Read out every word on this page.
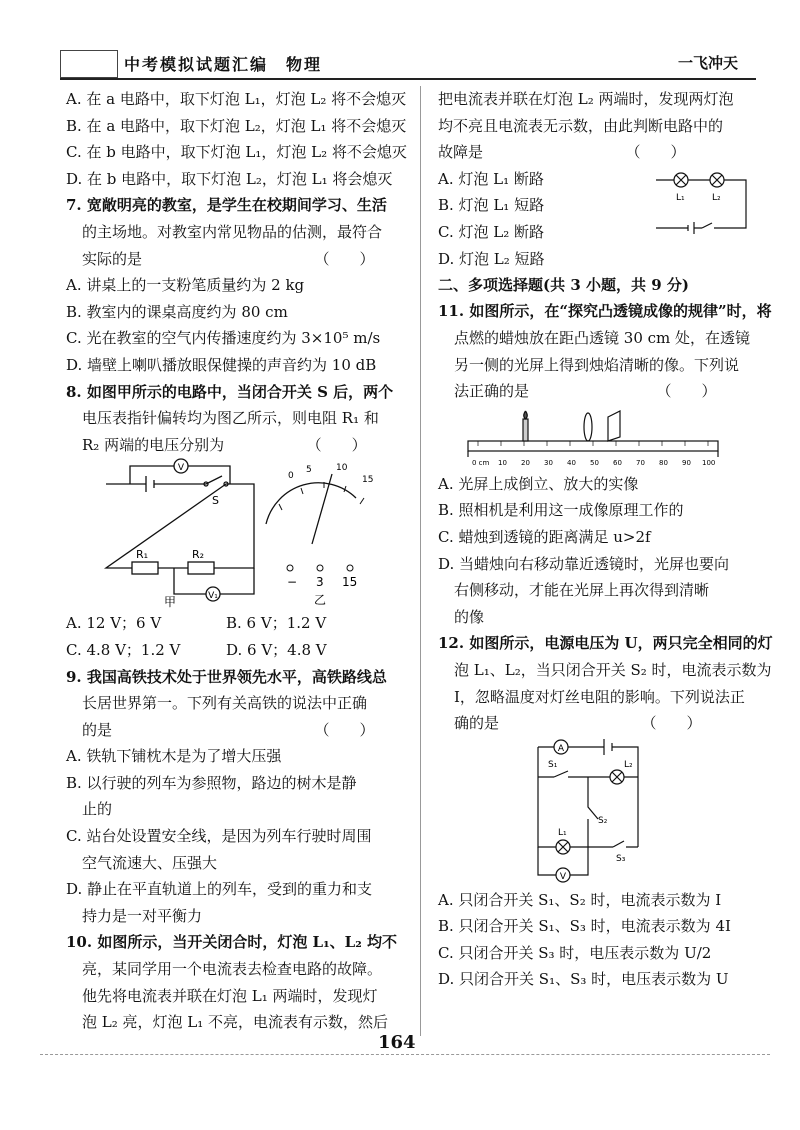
中考模拟试题汇编　物理	一飞冲天
A. 在 a 电路中，取下灯泡 L₁，灯泡 L₂ 将不会熄灭
B. 在 a 电路中，取下灯泡 L₂，灯泡 L₁ 将不会熄灭
C. 在 b 电路中，取下灯泡 L₁，灯泡 L₂ 将不会熄灭
D. 在 b 电路中，取下灯泡 L₂，灯泡 L₁ 将会熄灭
7. 宽敞明亮的教室，是学生在校期间学习、生活
的主场地。对教室内常见物品的估测，最符合
实际的是　　　　　　　　　　　　（　　）
A. 讲桌上的一支粉笔质量约为 2 kg
B. 教室内的课桌高度约为 80 cm
C. 光在教室的空气内传播速度约为 3×10⁵ m/s
D. 墙壁上喇叭播放眼保健操的声音约为 10 dB
8. 如图甲所示的电路中，当闭合开关 S 后，两个
电压表指针偏转均为图乙所示，则电阻 R₁ 和
R₂ 两端的电压分别为　　　　　　（　　）
V
V₁
S
R₁	R₂
甲
0
5	10
15
− 3 15
乙
A. 12 V；6 V	B. 6 V；1.2 V
C. 4.8 V；1.2 V	D. 6 V；4.8 V
9. 我国高铁技术处于世界领先水平，高铁路线总
长居世界第一。下列有关高铁的说法中正确
的是　　　　　　　　　　　　　　（　　）
A. 铁轨下铺枕木是为了增大压强
B. 以行驶的列车为参照物，路边的树木是静
止的
C. 站台处设置安全线，是因为列车行驶时周围
空气流速大、压强大
D. 静止在平直轨道上的列车，受到的重力和支
持力是一对平衡力
10. 如图所示，当开关闭合时，灯泡 L₁、L₂ 均不
亮，某同学用一个电流表去检查电路的故障。
他先将电流表并联在灯泡 L₁ 两端时，发现灯
泡 L₂ 亮，灯泡 L₁ 不亮，电流表有示数，然后
把电流表并联在灯泡 L₂ 两端时，发现两灯泡
均不亮且电流表无示数，由此判断电路中的
故障是　　　　　　　　　　（　　）
A. 灯泡 L₁ 断路
B. 灯泡 L₁ 短路
C. 灯泡 L₂ 断路
D. 灯泡 L₂ 短路
L₁	L₂
二、多项选择题(共 3 小题，共 9 分)
11. 如图所示，在“探究凸透镜成像的规律”时，将
点燃的蜡烛放在距凸透镜 30 cm 处，在透镜
另一侧的光屏上得到烛焰清晰的像。下列说
法正确的是　　　　　　　　　（　　）
0 cm 10 20 30 40 50 60 70 80 90 100
A. 光屏上成倒立、放大的实像
B. 照相机是利用这一成像原理工作的
C. 蜡烛到透镜的距离满足 u>2f
D. 当蜡烛向右移动靠近透镜时，光屏也要向
右侧移动，才能在光屏上再次得到清晰
的像
12. 如图所示，电源电压为 U，两只完全相同的灯
泡 L₁、L₂，当只闭合开关 S₂ 时，电流表示数为
I，忽略温度对灯丝电阻的影响。下列说法正
确的是　　　　　　　　　　（　　）
A
V
S₁
S₂
S₃
L₁
L₂
A. 只闭合开关 S₁、S₂ 时，电流表示数为 I
B. 只闭合开关 S₁、S₃ 时，电流表示数为 4I
C. 只闭合开关 S₃ 时，电压表示数为 U/2
D. 只闭合开关 S₁、S₃ 时，电压表示数为 U
164
